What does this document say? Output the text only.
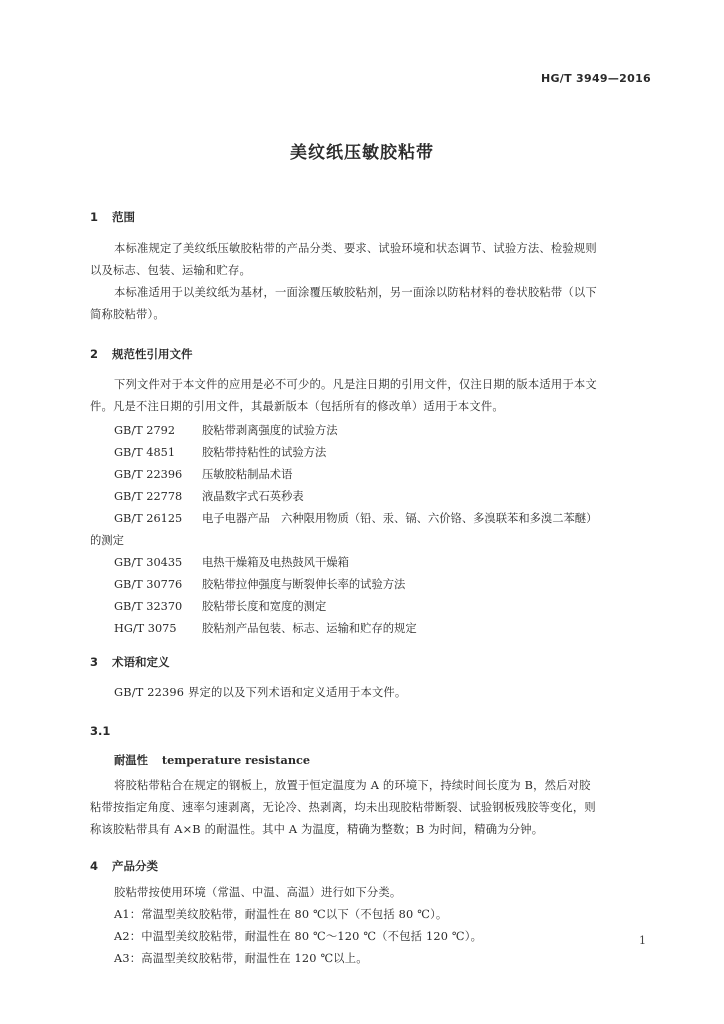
HG/T 3949—2016
美纹纸压敏胶粘带
1 范围
本标准规定了美纹纸压敏胶粘带的产品分类、要求、试验环境和状态调节、试验方法、检验规则
以及标志、包装、运输和贮存。
本标准适用于以美纹纸为基材，一面涂覆压敏胶粘剂，另一面涂以防粘材料的卷状胶粘带（以下
简称胶粘带）。
2 规范性引用文件
下列文件对于本文件的应用是必不可少的。凡是注日期的引用文件，仅注日期的版本适用于本文
件。凡是不注日期的引用文件，其最新版本（包括所有的修改单）适用于本文件。
GB/T 2792 胶粘带剥离强度的试验方法
GB/T 4851 胶粘带持粘性的试验方法
GB/T 22396 压敏胶粘制品术语
GB/T 22778 液晶数字式石英秒表
GB/T 26125 电子电器产品　六种限用物质（铅、汞、镉、六价铬、多溴联苯和多溴二苯醚）
的测定
GB/T 30435 电热干燥箱及电热鼓风干燥箱
GB/T 30776 胶粘带拉伸强度与断裂伸长率的试验方法
GB/T 32370 胶粘带长度和宽度的测定
HG/T 3075 胶粘剂产品包装、标志、运输和贮存的规定
3 术语和定义
GB/T 22396 界定的以及下列术语和定义适用于本文件。
3.1
耐温性 temperature resistance
将胶粘带粘合在规定的钢板上，放置于恒定温度为 A 的环境下，持续时间长度为 B，然后对胶
粘带按指定角度、速率匀速剥离，无论冷、热剥离，均未出现胶粘带断裂、试验钢板残胶等变化，则
称该胶粘带具有 A×B 的耐温性。其中 A 为温度，精确为整数；B 为时间，精确为分钟。
4 产品分类
胶粘带按使用环境（常温、中温、高温）进行如下分类。
A1：常温型美纹胶粘带，耐温性在 80 ℃以下（不包括 80 ℃）。
A2：中温型美纹胶粘带，耐温性在 80 ℃～120 ℃（不包括 120 ℃）。
A3：高温型美纹胶粘带，耐温性在 120 ℃以上。
1
